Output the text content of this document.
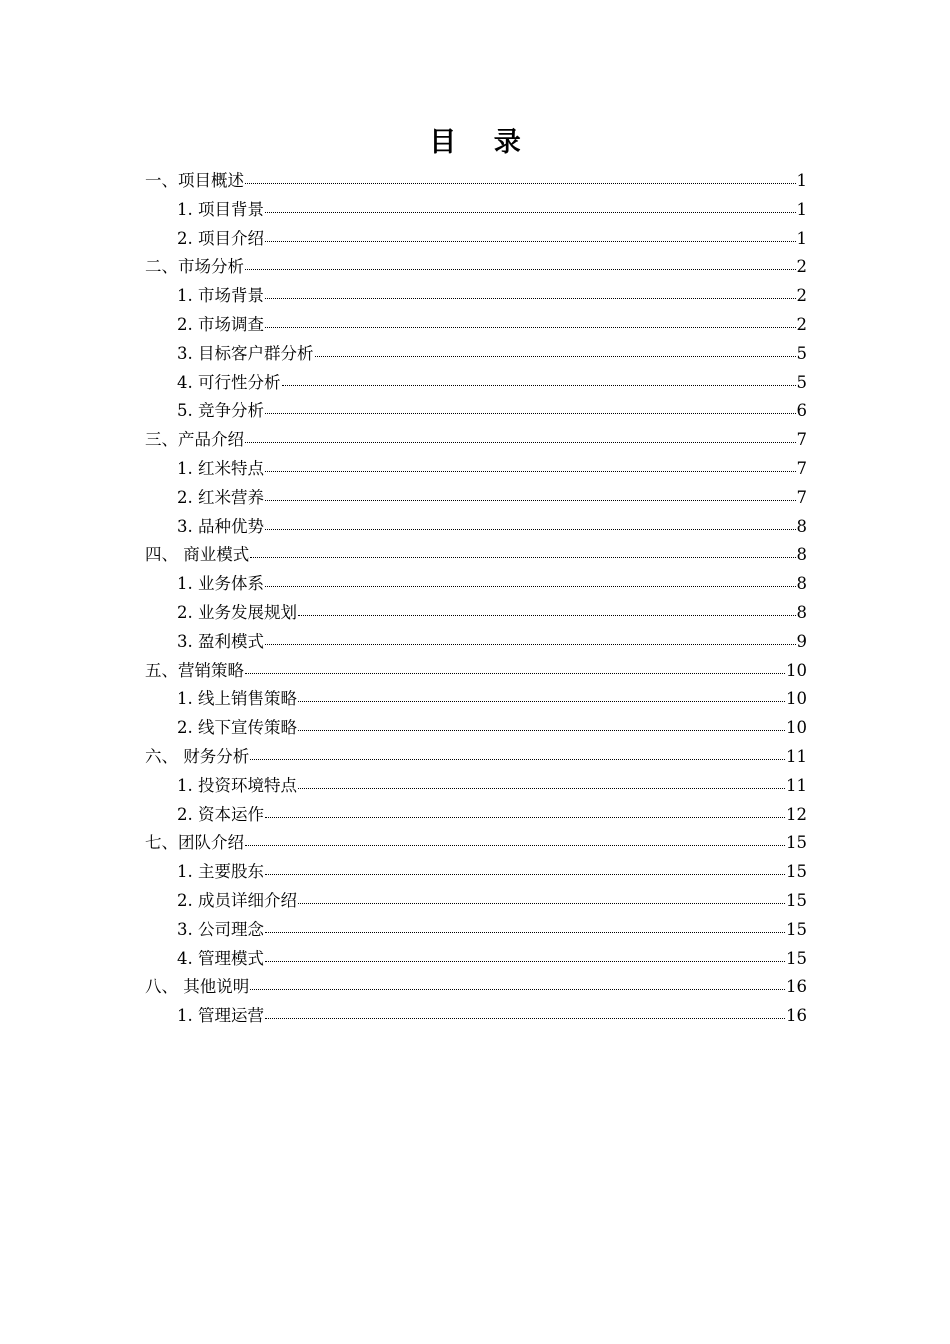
目 录
一、项目概述	1
1. 项目背景	1
2. 项目介绍	1
二、市场分析	2
1. 市场背景	2
2. 市场调查	2
3. 目标客户群分析	5
4. 可行性分析	5
5. 竞争分析	6
三、产品介绍	7
1. 红米特点	7
2. 红米营养	7
3. 品种优势	8
四、 商业模式	8
1. 业务体系	8
2. 业务发展规划	8
3. 盈利模式	9
五、营销策略	10
1. 线上销售策略	10
2. 线下宣传策略	10
六、 财务分析	11
1. 投资环境特点	11
2. 资本运作	12
七、团队介绍	15
1. 主要股东	15
2. 成员详细介绍	15
3. 公司理念	15
4. 管理模式	15
八、 其他说明	16
1. 管理运营	16
